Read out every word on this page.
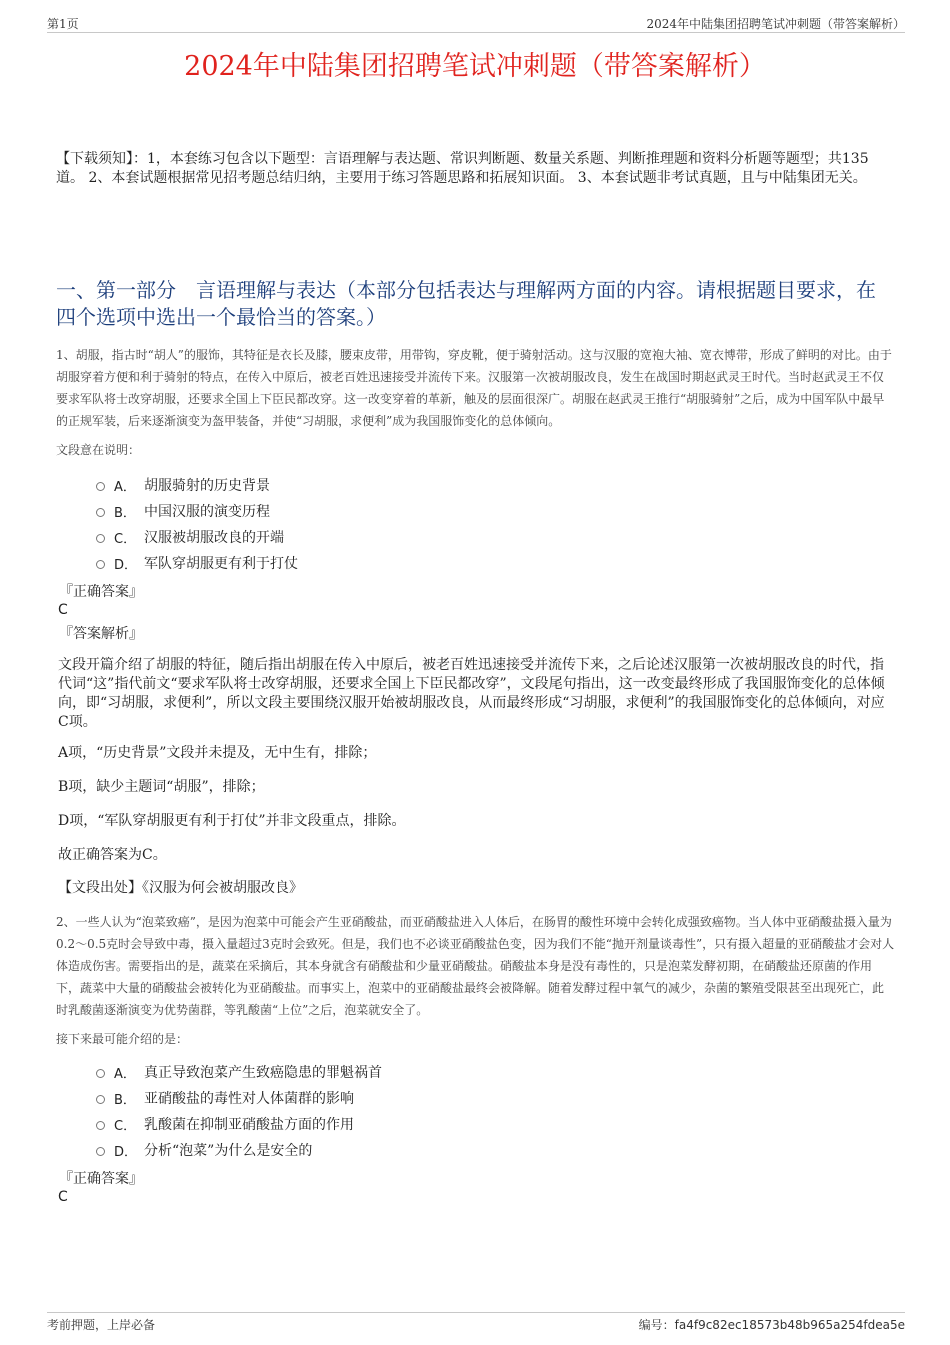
第1页	2024年中陆集团招聘笔试冲刺题（带答案解析）
2024年中陆集团招聘笔试冲刺题（带答案解析）
【下载须知】：1，本套练习包含以下题型：言语理解与表达题、常识判断题、数量关系题、判断推理题和资料分析题等题型；共135道。 2、本套试题根据常见招考题总结归纳，主要用于练习答题思路和拓展知识面。 3、本套试题非考试真题，且与中陆集团无关。
一、第一部分　言语理解与表达（本部分包括表达与理解两方面的内容。请根据题目要求，在四个选项中选出一个最恰当的答案。）
1、胡服，指古时“胡人”的服饰，其特征是衣长及膝，腰束皮带，用带钩，穿皮靴，便于骑射活动。这与汉服的宽袍大袖、宽衣博带，形成了鲜明的对比。由于胡服穿着方便和利于骑射的特点，在传入中原后，被老百姓迅速接受并流传下来。汉服第一次被胡服改良，发生在战国时期赵武灵王时代。当时赵武灵王不仅要求军队将士改穿胡服，还要求全国上下臣民都改穿。这一改变穿着的革新，触及的层面很深广。胡服在赵武灵王推行“胡服骑射”之后，成为中国军队中最早的正规军装，后来逐渐演变为盔甲装备，并使“习胡服，求便利”成为我国服饰变化的总体倾向。
文段意在说明：
A． 胡服骑射的历史背景
B． 中国汉服的演变历程
C． 汉服被胡服改良的开端
D． 军队穿胡服更有利于打仗
『正确答案』
C
『答案解析』
文段开篇介绍了胡服的特征，随后指出胡服在传入中原后，被老百姓迅速接受并流传下来，之后论述汉服第一次被胡服改良的时代，指代词“这”指代前文“要求军队将士改穿胡服，还要求全国上下臣民都改穿”，文段尾句指出，这一改变最终形成了我国服饰变化的总体倾向，即“习胡服，求便利”，所以文段主要围绕汉服开始被胡服改良，从而最终形成“习胡服，求便利”的我国服饰变化的总体倾向，对应C项。
A项，“历史背景”文段并未提及，无中生有，排除；
B项，缺少主题词“胡服”，排除；
D项，“军队穿胡服更有利于打仗”并非文段重点，排除。
故正确答案为C。
【文段出处】《汉服为何会被胡服改良》
2、一些人认为“泡菜致癌”，是因为泡菜中可能会产生亚硝酸盐，而亚硝酸盐进入人体后，在肠胃的酸性环境中会转化成强致癌物。当人体中亚硝酸盐摄入量为0.2～0.5克时会导致中毒，摄入量超过3克时会致死。但是，我们也不必谈亚硝酸盐色变，因为我们不能“抛开剂量谈毒性”，只有摄入超量的亚硝酸盐才会对人体造成伤害。需要指出的是，蔬菜在采摘后，其本身就含有硝酸盐和少量亚硝酸盐。硝酸盐本身是没有毒性的，只是泡菜发酵初期，在硝酸盐还原菌的作用下，蔬菜中大量的硝酸盐会被转化为亚硝酸盐。而事实上，泡菜中的亚硝酸盐最终会被降解。随着发酵过程中氧气的减少，杂菌的繁殖受限甚至出现死亡，此时乳酸菌逐渐演变为优势菌群，等乳酸菌“上位”之后，泡菜就安全了。
接下来最可能介绍的是：
A． 真正导致泡菜产生致癌隐患的罪魁祸首
B． 亚硝酸盐的毒性对人体菌群的影响
C． 乳酸菌在抑制亚硝酸盐方面的作用
D． 分析“泡菜”为什么是安全的
『正确答案』
C
考前押题，上岸必备	编号：fa4f9c82ec18573b48b965a254fdea5e
